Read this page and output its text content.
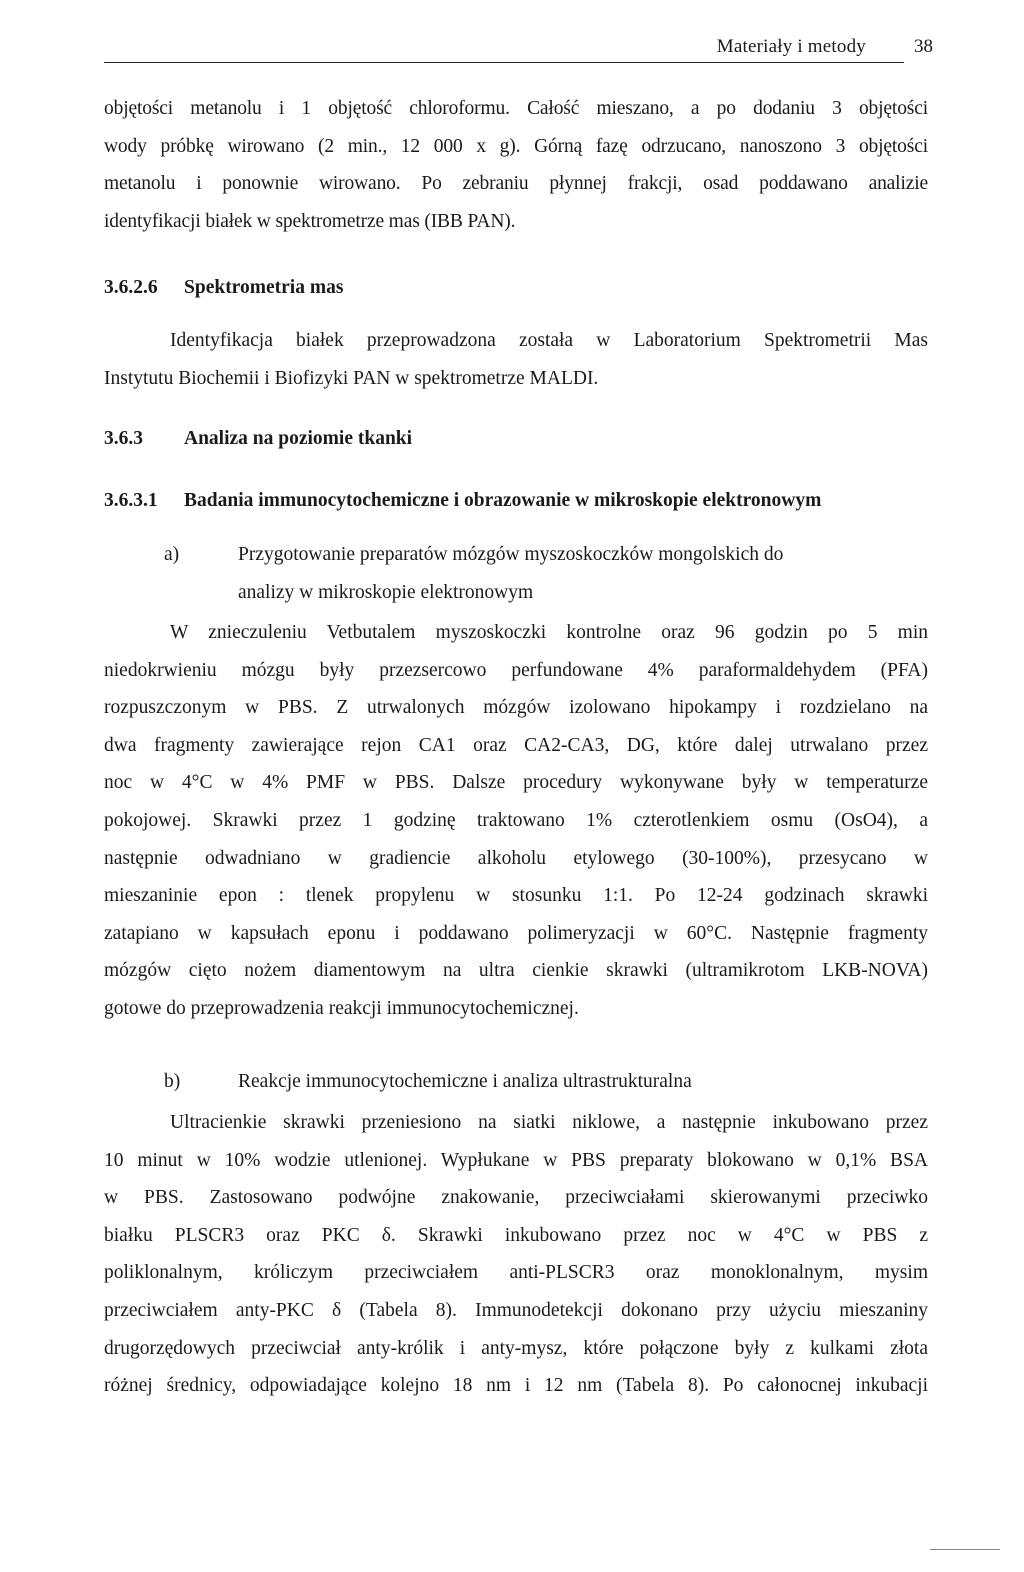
Materiały i metody	38
objętości metanolu i 1 objętość chloroformu. Całość mieszano, a po dodaniu 3 objętości
wody próbkę wirowano (2 min., 12 000 x g). Górną fazę odrzucano, nanoszono 3 objętości
metanolu i ponownie wirowano. Po zebraniu płynnej frakcji, osad poddawano analizie
identyfikacji białek w spektrometrze mas (IBB PAN).
3.6.2.6 Spektrometria mas
Identyfikacja białek przeprowadzona została w Laboratorium Spektrometrii Mas
Instytutu Biochemii i Biofizyki PAN w spektrometrze MALDI.
3.6.3 Analiza na poziomie tkanki
3.6.3.1 Badania immunocytochemiczne i obrazowanie w mikroskopie elektronowym
a)	Przygotowanie preparatów mózgów myszoskoczków mongolskich do
analizy w mikroskopie elektronowym
W znieczuleniu Vetbutalem myszoskoczki kontrolne oraz 96 godzin po 5 min
niedokrwieniu mózgu były przezsercowo perfundowane 4% paraformaldehydem (PFA)
rozpuszczonym w PBS. Z utrwalonych mózgów izolowano hipokampy i rozdzielano na
dwa fragmenty zawierające rejon CA1 oraz CA2-CA3, DG, które dalej utrwalano przez
noc w 4°C w 4% PMF w PBS. Dalsze procedury wykonywane były w temperaturze
pokojowej. Skrawki przez 1 godzinę traktowano 1% czterotlenkiem osmu (OsO4), a
następnie odwadniano w gradiencie alkoholu etylowego (30-100%), przesycano w
mieszaninie epon : tlenek propylenu w stosunku 1:1. Po 12-24 godzinach skrawki
zatapiano w kapsułach eponu i poddawano polimeryzacji w 60°C. Następnie fragmenty
mózgów cięto nożem diamentowym na ultra cienkie skrawki (ultramikrotom LKB-NOVA)
gotowe do przeprowadzenia reakcji immunocytochemicznej.
b)	Reakcje immunocytochemiczne i analiza ultrastrukturalna
Ultracienkie skrawki przeniesiono na siatki niklowe, a następnie inkubowano przez
10 minut w 10% wodzie utlenionej. Wypłukane w PBS preparaty blokowano w 0,1% BSA
w PBS. Zastosowano podwójne znakowanie, przeciwciałami skierowanymi przeciwko
białku PLSCR3 oraz PKC δ. Skrawki inkubowano przez noc w 4°C w PBS z
poliklonalnym, króliczym przeciwciałem anti-PLSCR3 oraz monoklonalnym, mysim
przeciwciałem anty-PKC δ (Tabela 8). Immunodetekcji dokonano przy użyciu mieszaniny
drugorzędowych przeciwciał anty-królik i anty-mysz, które połączone były z kulkami złota
różnej średnicy, odpowiadające kolejno 18 nm i 12 nm (Tabela 8). Po całonocnej inkubacji
